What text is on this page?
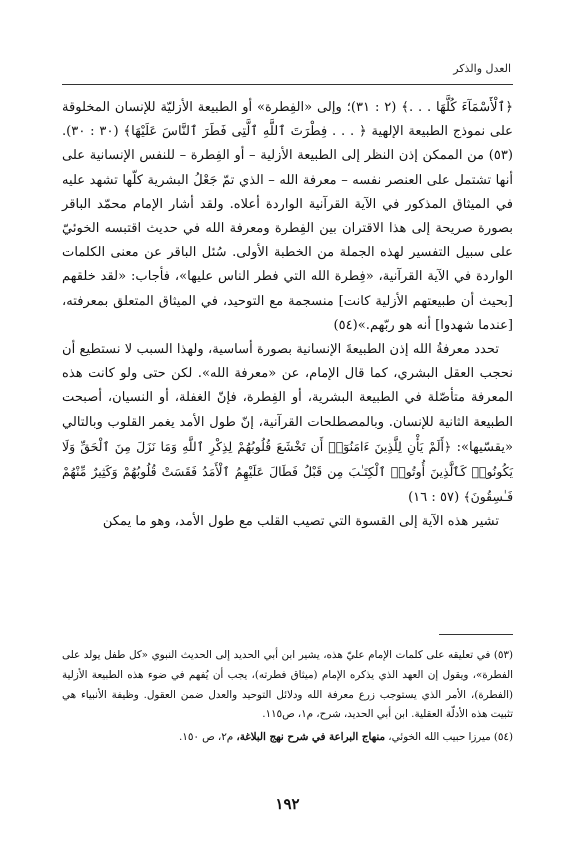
العدل والذكر

﴿ٱلْأَسْمَآءَ كُلَّهَا . . .﴾ (٢ : ٣١)؛ وإلى «الفِطرة» أو الطبيعة الأزليّة للإنسان المخلوقة على نموذج الطبيعة الإلهية ﴿ . . . فِطْرَتَ ٱللَّهِ ٱلَّتِى فَطَرَ ٱلنَّاسَ عَلَيْهَا﴾ (٣٠ : ٣٠).(٥٣) من الممكن إذن النظر إلى الطبيعة الأزلية – أو الفِطرة – للنفس الإنسانية على أنها تشتمل على العنصر نفسه – معرفة الله – الذي تمّ جَعْلُ البشرية كلّها تشهد عليه في الميثاق المذكور في الآية القرآنية الواردة أعلاه. ولقد أشار الإمام محمّد الباقر بصورة صريحة إلى هذا الاقتران بين الفِطرة ومعرفة الله في حديث اقتبسه الخوئيّ على سبيل التفسير لهذه الجملة من الخطبة الأولى. سُئل الباقر عن معنى الكلمات الواردة في الآية القرآنية، «فِطرة الله التي فطر الناس عليها»، فأجاب: «لقد خلقهم [بحيث أن طبيعتهم الأزلية كانت] منسجمة مع التوحيد، في الميثاق المتعلق بمعرفته، [عندما شهدوا] أنه هو ربّهم.»(٥٤)

تحدد معرفةُ الله إذن الطبيعةَ الإنسانية بصورة أساسية، ولهذا السبب لا نستطيع أن نحجب العقل البشري، كما قال الإمام، عن «معرفة الله». لكن حتى ولو كانت هذه المعرفة متأصّلة في الطبيعة البشرية، أو الفِطرة، فإنّ الغفلة، أو النسيان، أصبحت الطبيعة الثانية للإنسان. وبالمصطلحات القرآنية، إنّ طول الأمد يغمر القلوب وبالتالي «يقسّيها»: ﴿أَلَمْ يَأْنِ لِلَّذِينَ ءَامَنُوٓا۟ أَن تَخْشَعَ قُلُوبُهُمْ لِذِكْرِ ٱللَّهِ وَمَا نَزَلَ مِنَ ٱلْحَقِّ وَلَا يَكُونُوا۟ كَٱلَّذِينَ أُوتُوا۟ ٱلْكِتَـٰبَ مِن قَبْلُ فَطَالَ عَلَيْهِمُ ٱلْأَمَدُ فَقَسَتْ قُلُوبُهُمْ وَكَثِيرٌ مِّنْهُمْ فَـٰسِقُونَ﴾ (٥٧ : ١٦)

تشير هذه الآية إلى القسوة التي تصيب القلب مع طول الأمد، وهو ما يمكن

(٥٣) في تعليقه على كلمات الإمام عليّ هذه، يشير ابن أبي الحديد إلى الحديث النبوي «كل طفل يولد على الفطرة»، ويقول إن العهد الذي يذكره الإمام (ميثاق فطرته)، يجب أن يُفهم في ضوء هذه الطبيعة الأزلية (الفطرة)، الأمر الذي يستوجب زرع معرفة الله ودلائل التوحيد والعدل ضمن العقول. وظيفة الأنبياء هي تثبيت هذه الأدلّة العقلية. ابن أبي الحديد، شرح، م١، ص١١٥.

(٥٤) ميرزا حبيب الله الخوئي، منهاج البراعة في شرح نهج البلاغة، م٢، ص ١٥٠.

١٩٢
